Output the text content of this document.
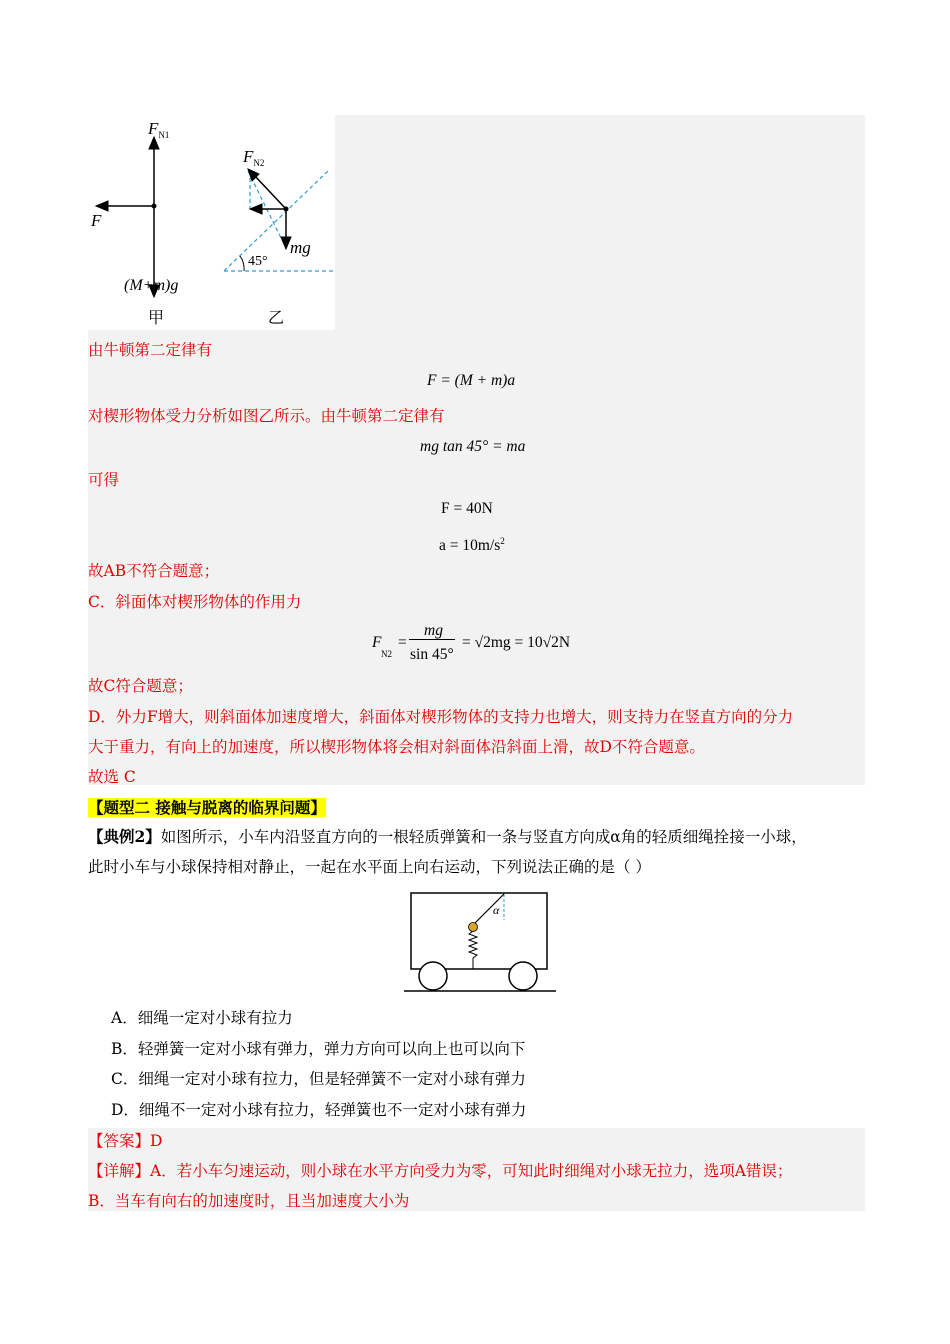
$F_{N1}$
F
(M+m)g
甲
$F_{N2}$
mg
45°
乙
由牛顿第二定律有
F = (M + m)a
对楔形物体受力分析如图乙所示。由牛顿第二定律有
mg tan 45° = ma
可得
F = 40N
$a = 10m/s^2$
故AB不符合题意；
C．斜面体对楔形物体的作用力
F
N2
=
mg
sin 45°
= √2mg = 10√2N
故C符合题意；
D．外力F增大，则斜面体加速度增大，斜面体对楔形物体的支持力也增大，则支持力在竖直方向的分力
大于重力，有向上的加速度，所以楔形物体将会相对斜面体沿斜面上滑，故D不符合题意。
故选 C
【题型二 接触与脱离的临界问题】
【典例2】如图所示，小车内沿竖直方向的一根轻质弹簧和一条与竖直方向成α角的轻质细绳拴接一小球，
此时小车与小球保持相对静止，一起在水平面上向右运动，下列说法正确的是（ ）
α
A．细绳一定对小球有拉力
B．轻弹簧一定对小球有弹力，弹力方向可以向上也可以向下
C．细绳一定对小球有拉力，但是轻弹簧不一定对小球有弹力
D．细绳不一定对小球有拉力，轻弹簧也不一定对小球有弹力
【答案】D
【详解】A．若小车匀速运动，则小球在水平方向受力为零，可知此时细绳对小球无拉力，选项A错误；
B．当车有向右的加速度时，且当加速度大小为
